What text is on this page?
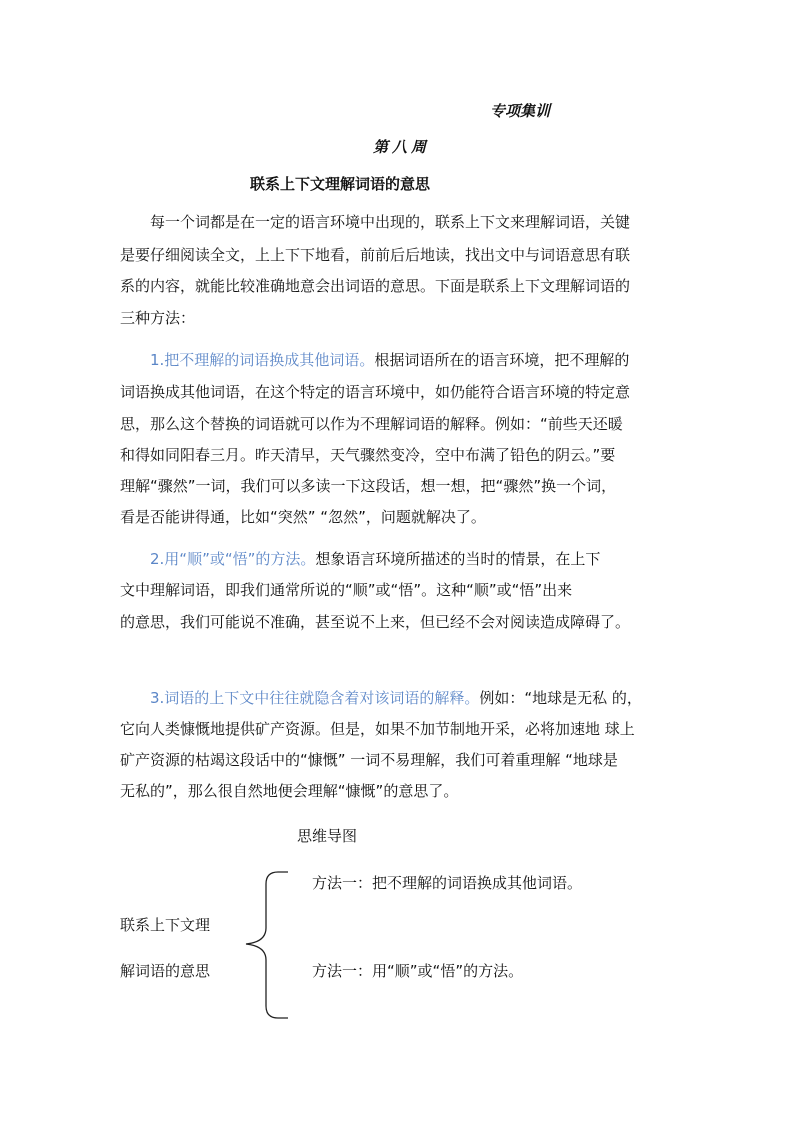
专项集训
第八周
联系上下文理解词语的意思
每一个词都是在一定的语言环境中出现的，联系上下文来理解词语，关键
是要仔细阅读全文，上上下下地看，前前后后地读，找出文中与词语意思有联
系的内容，就能比较准确地意会出词语的意思。下面是联系上下文理解词语的
三种方法：
1.把不理解的词语换成其他词语。根据词语所在的语言环境，把不理解的
词语换成其他词语，在这个特定的语言环境中，如仍能符合语言环境的特定意
思，那么这个替换的词语就可以作为不理解词语的解释。例如：“前些天还暖
和得如同阳春三月。昨天清早，天气骤然变冷，空中布满了铅色的阴云。”要
理解“骤然”一词，我们可以多读一下这段话，想一想，把“骤然”换一个词，
看是否能讲得通，比如“突然” “忽然”，问题就解决了。
2.用“顺”或“悟”的方法。想象语言环境所描述的当时的情景，在上下
文中理解词语，即我们通常所说的“顺”或“悟”。这种“顺”或“悟”出来
的意思，我们可能说不准确，甚至说不上来，但已经不会对阅读造成障碍了。
3.词语的上下文中往往就隐含着对该词语的解释。例如：“地球是无私 的，
它向人类慷慨地提供矿产资源。但是，如果不加节制地开采，必将加速地 球上
矿产资源的枯竭这段话中的“慷慨” 一词不易理解，我们可着重理解 “地球是
无私的”，那么很自然地便会理解“慷慨”的意思了。
思维导图
联系上下文理
解词语的意思
方法一：把不理解的词语换成其他词语。
方法一：用“顺”或“悟”的方法。
